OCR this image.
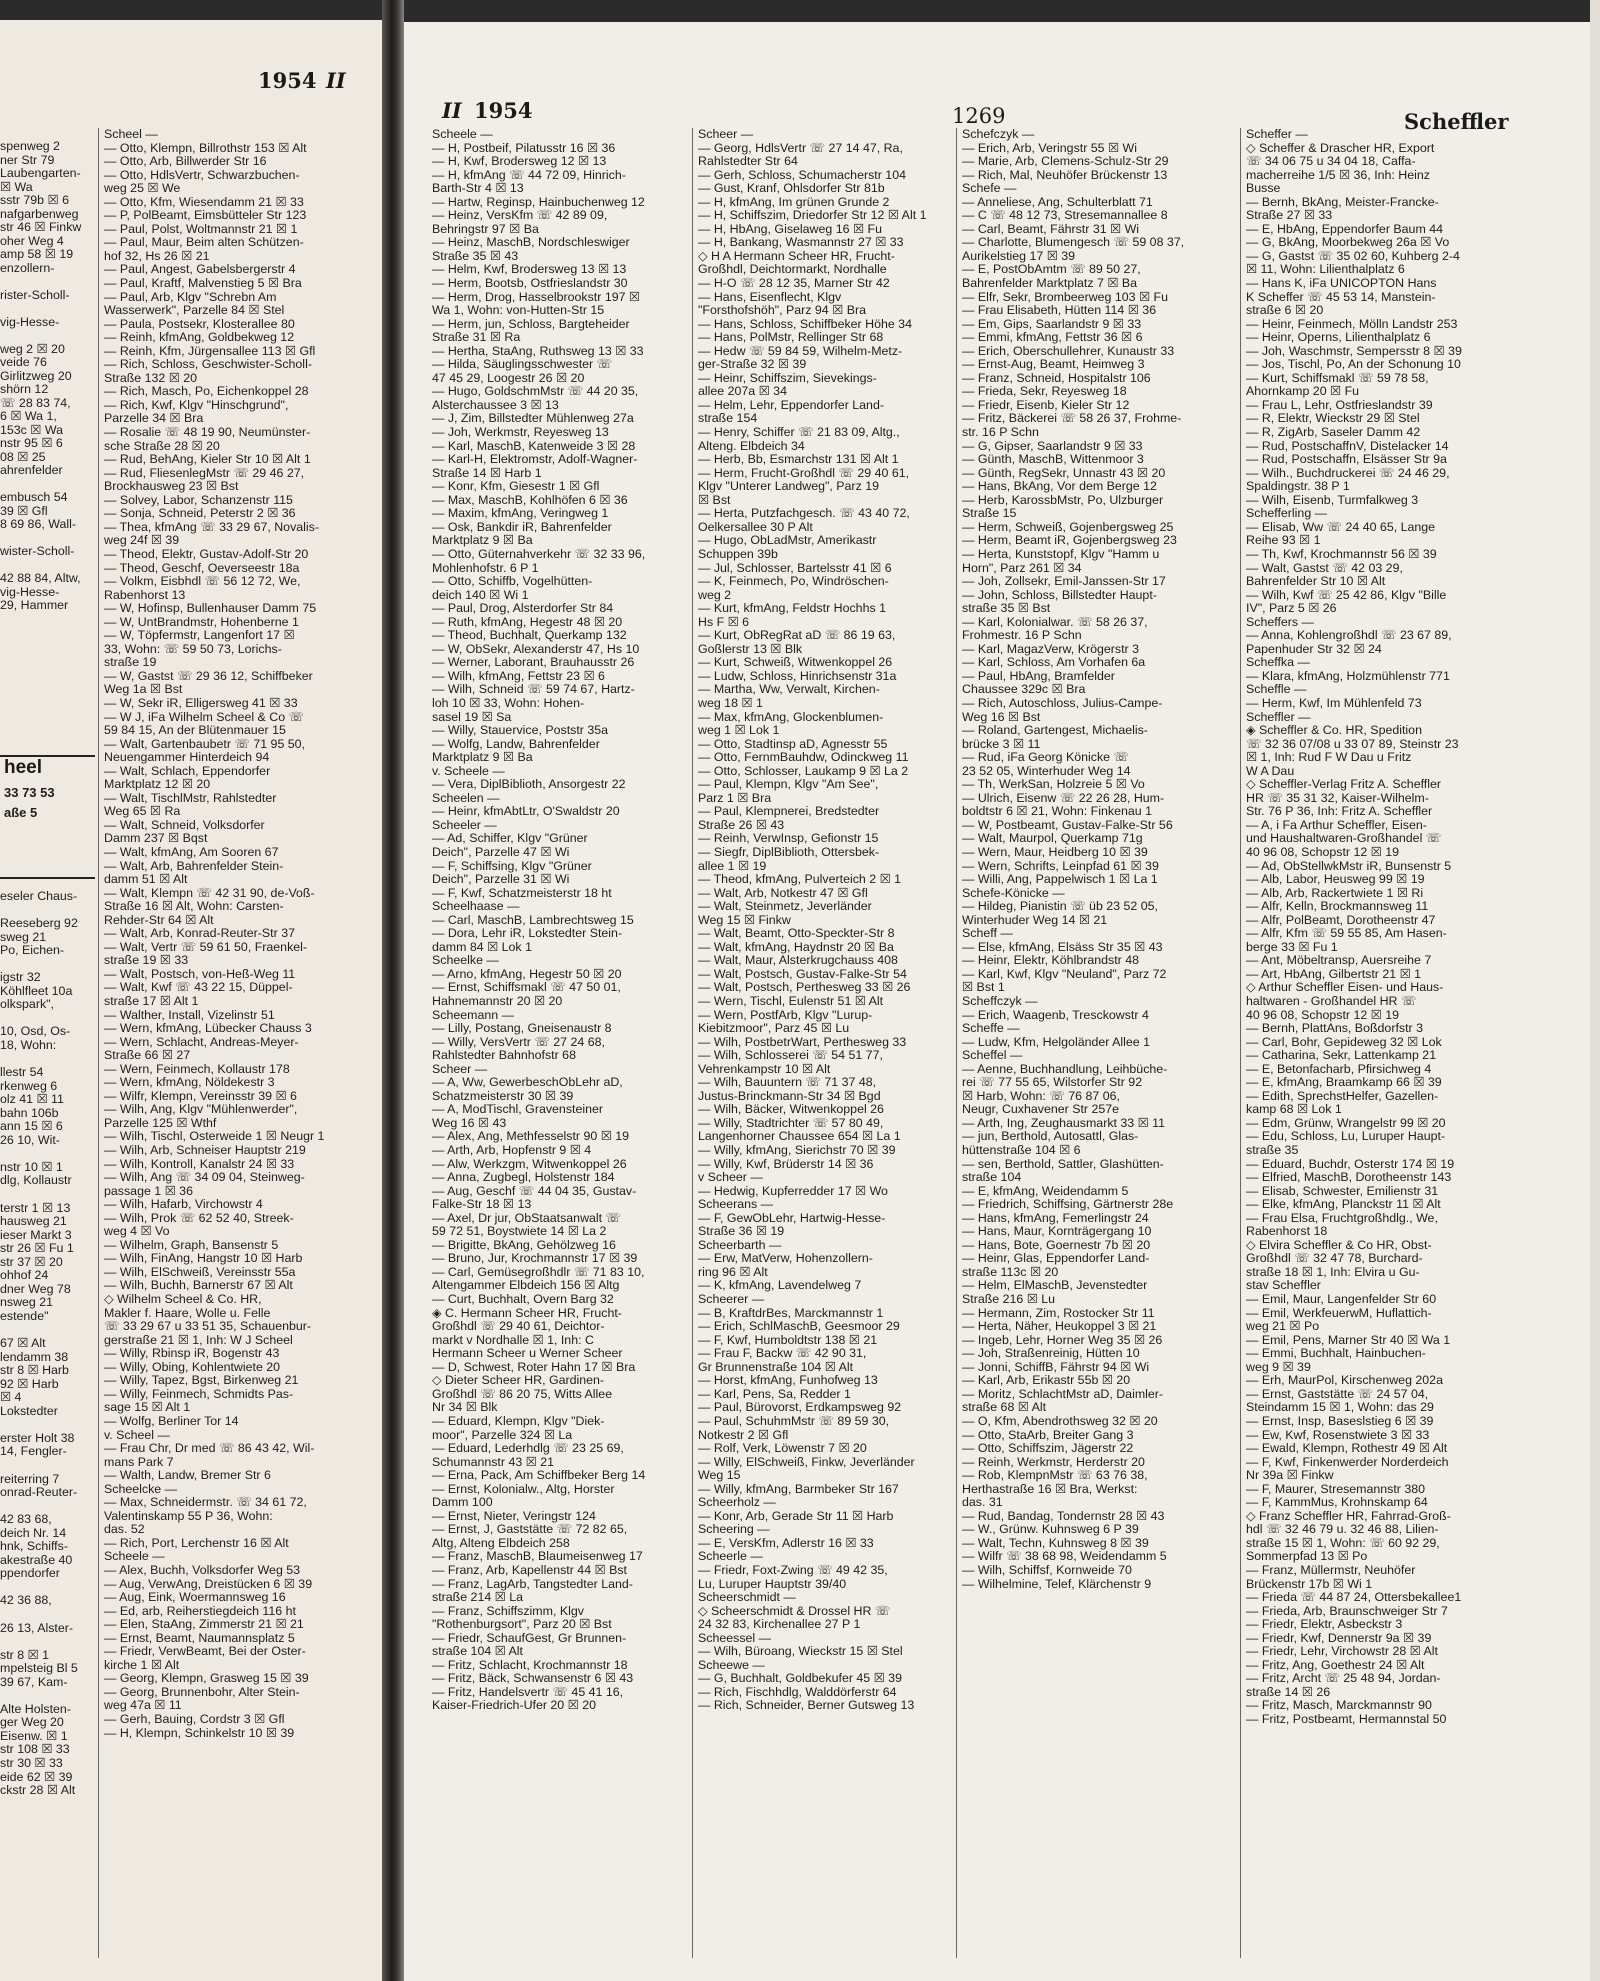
1954 II
spenweg 2
ner Str 79
Laubengarten-
☒ Wa
sstr 79b ☒ 6
nafgarbenweg
str 46 ☒ Finkw
oher Weg 4
amp 58 ☒ 19
enzollern-

rister-Scholl-

vig-Hesse-

weg 2 ☒ 20
veide 76
Girlitzweg 20
shörn 12
☏ 28 83 74,
6 ☒ Wa 1,
153c ☒ Wa
nstr 95 ☒ 6
08 ☒ 25
ahrenfelder

embusch 54
39 ☒ Gfl
8 69 86, Wall-

wister-Scholl-

42 88 84, Altw,
vig-Hesse-
29, Hammer
eseler Chaus-

Reeseberg 92
sweg 21
Po, Eichen-

igstr 32
Köhlfleet 10a
olkspark",

10, Osd, Os-
18, Wohn:

llestr 54
rkenweg 6
olz 41 ☒ 11
bahn 106b
ann 15 ☒ 6
26 10, Wit-

nstr 10 ☒ 1
dlg, Kollaustr

terstr 1 ☒ 13
hausweg 21
ieser Markt 3
str 26 ☒ Fu 1
str 37 ☒ 20
ohhof 24
dner Weg 78
nsweg 21
estende"

67 ☒ Alt
lendamm 38
str 8 ☒ Harb
92 ☒ Harb
☒ 4
Lokstedter

erster Holt 38
14, Fengler-

reiterring 7
onrad-Reuter-

42 83 68,
deich Nr. 14
hnk, Schiffs-
akestraße 40
ppendorfer

42 36 88,

26 13, Alster-

str 8 ☒ 1
mpelsteig Bl 5
39 67, Kam-

Alte Holsten-
ger Weg 20
Eisenw. ☒ 1
str 108 ☒ 33
str 30 ☒ 33
eide 62 ☒ 39
ckstr 28 ☒ Alt
heel
33 73 53
aße 5
Scheel —
— Otto, Klempn, Billrothstr 153 ☒ Alt
— Otto, Arb, Billwerder Str 16
— Otto, HdlsVertr, Schwarzbuchen-
weg 25 ☒ We
— Otto, Kfm, Wiesendamm 21 ☒ 33
— P, PolBeamt, Eimsbütteler Str 123
— Paul, Polst, Woltmannstr 21 ☒ 1
— Paul, Maur, Beim alten Schützen-
hof 32, Hs 26 ☒ 21
— Paul, Angest, Gabelsbergerstr 4
— Paul, Kraftf, Malvenstieg 5 ☒ Bra
— Paul, Arb, Klgv "Schrebn Am
Wasserwerk", Parzelle 84 ☒ Stel
— Paula, Postsekr, Klosterallee 80
— Reinh, kfmAng, Goldbekweg 12
— Reinh, Kfm, Jürgensallee 113 ☒ Gfl
— Rich, Schloss, Geschwister-Scholl-
Straße 132 ☒ 20
— Rich, Masch, Po, Eichenkoppel 28
— Rich, Kwf, Klgv "Hinschgrund",
Parzelle 34 ☒ Bra
— Rosalie ☏ 48 19 90, Neumünster-
sche Straße 28 ☒ 20
— Rud, BehAng, Kieler Str 10 ☒ Alt 1
— Rud, FliesenlegMstr ☏ 29 46 27,
Brockhausweg 23 ☒ Bst
— Solvey, Labor, Schanzenstr 115
— Sonja, Schneid, Peterstr 2 ☒ 36
— Thea, kfmAng ☏ 33 29 67, Novalis-
weg 24f ☒ 39
— Theod, Elektr, Gustav-Adolf-Str 20
— Theod, Geschf, Oeverseestr 18a
— Volkm, Eisbhdl ☏ 56 12 72, We,
Rabenhorst 13
— W, Hofinsp, Bullenhauser Damm 75
— W, UntBrandmstr, Hohenberne 1
— W, Töpfermstr, Langenfort 17 ☒
33, Wohn: ☏ 59 50 73, Lorichs-
straße 19
— W, Gastst ☏ 29 36 12, Schiffbeker
Weg 1a ☒ Bst
— W, Sekr iR, Elligersweg 41 ☒ 33
— W J, iFa Wilhelm Scheel & Co ☏
59 84 15, An der Blütenmauer 15
— Walt, Gartenbaubetr ☏ 71 95 50,
Neuengammer Hinterdeich 94
— Walt, Schlach, Eppendorfer
Marktplatz 12 ☒ 20
— Walt, TischlMstr, Rahlstedter
Weg 65 ☒ Ra
— Walt, Schneid, Volksdorfer
Damm 237 ☒ Bqst
— Walt, kfmAng, Am Sooren 67
— Walt, Arb, Bahrenfelder Stein-
damm 51 ☒ Alt
— Walt, Klempn ☏ 42 31 90, de-Voß-
Straße 16 ☒ Alt, Wohn: Carsten-
Rehder-Str 64 ☒ Alt
— Walt, Arb, Konrad-Reuter-Str 37
— Walt, Vertr ☏ 59 61 50, Fraenkel-
straße 19 ☒ 33
— Walt, Postsch, von-Heß-Weg 11
— Walt, Kwf ☏ 43 22 15, Düppel-
straße 17 ☒ Alt 1
— Walther, Install, Vizelinstr 51
— Wern, kfmAng, Lübecker Chauss 3
— Wern, Schlacht, Andreas-Meyer-
Straße 66 ☒ 27
— Wern, Feinmech, Kollaustr 178
— Wern, kfmAng, Nöldekestr 3
— Wilfr, Klempn, Vereinsstr 39 ☒ 6
— Wilh, Ang, Klgv "Mühlenwerder",
Parzelle 125 ☒ Wthf
— Wilh, Tischl, Osterweide 1 ☒ Neugr 1
— Wilh, Arb, Schneiser Hauptstr 219
— Wilh, Kontroll, Kanalstr 24 ☒ 33
— Wilh, Ang ☏ 34 09 04, Steinweg-
passage 1 ☒ 36
— Wilh, Hafarb, Virchowstr 4
— Wilh, Prok ☏ 62 52 40, Streek-
weg 4 ☒ Vo
— Wilhelm, Graph, Bansenstr 5
— Wilh, FinAng, Hangstr 10 ☒ Harb
— Wilh, ElSchweiß, Vereinsstr 55a
— Wilh, Buchh, Barnerstr 67 ☒ Alt
◇ Wilhelm Scheel & Co. HR,
Makler f. Haare, Wolle u. Felle
☏ 33 29 67 u 33 51 35, Schauenbur-
gerstraße 21 ☒ 1, Inh: W J Scheel
— Willy, Rbinsp iR, Bogenstr 43
— Willy, Obing, Kohlentwiete 20
— Willy, Tapez, Bgst, Birkenweg 21
— Willy, Feinmech, Schmidts Pas-
sage 15 ☒ Alt 1
— Wolfg, Berliner Tor 14
v. Scheel —
— Frau Chr, Dr med ☏ 86 43 42, Wil-
mans Park 7
— Walth, Landw, Bremer Str 6
Scheelcke —
— Max, Schneidermstr. ☏ 34 61 72,
Valentinskamp 55 P 36, Wohn:
das. 52
— Rich, Port, Lerchenstr 16 ☒ Alt
Scheele —
— Alex, Buchh, Volksdorfer Weg 53
— Aug, VerwAng, Dreistücken 6 ☒ 39
— Aug, Eink, Woermannsweg 16
— Ed, arb, Reiherstiegdeich 116 ht
— Elen, StaAng, Zimmerstr 21 ☒ 21
— Ernst, Beamt, Naumannsplatz 5
— Friedr, VerwBeamt, Bei der Oster-
kirche 1 ☒ Alt
— Georg, Klempn, Grasweg 15 ☒ 39
— Georg, Brunnenbohr, Alter Stein-
weg 47a ☒ 11
— Gerh, Bauing, Cordstr 3 ☒ Gfl
— H, Klempn, Schinkelstr 10 ☒ 39
II 1954	1269	Scheffler
Scheele —
— H, Postbeif, Pilatusstr 16 ☒ 36
— H, Kwf, Brodersweg 12 ☒ 13
— H, kfmAng ☏ 44 72 09, Hinrich-
Barth-Str 4 ☒ 13
— Hartw, Reginsp, Hainbuchenweg 12
— Heinz, VersKfm ☏ 42 89 09,
Behringstr 97 ☒ Ba
— Heinz, MaschB, Nordschleswiger
Straße 35 ☒ 43
— Helm, Kwf, Brodersweg 13 ☒ 13
— Herm, Bootsb, Ostfrieslandstr 30
— Herm, Drog, Hasselbrookstr 197 ☒
Wa 1, Wohn: von-Hutten-Str 15
— Herm, jun, Schloss, Bargteheider
Straße 31 ☒ Ra
— Hertha, StaAng, Ruthsweg 13 ☒ 33
— Hilda, Säuglingsschwester ☏
47 45 29, Loogestr 26 ☒ 20
— Hugo, GoldschmMstr ☏ 44 20 35,
Alsterchaussee 3 ☒ 13
— J, Zim, Billstedter Mühlenweg 27a
— Joh, Werkmstr, Reyesweg 13
— Karl, MaschB, Katenweide 3 ☒ 28
— Karl-H, Elektromstr, Adolf-Wagner-
Straße 14 ☒ Harb 1
— Konr, Kfm, Giesestr 1 ☒ Gfl
— Max, MaschB, Kohlhöfen 6 ☒ 36
— Maxim, kfmAng, Veringweg 1
— Osk, Bankdir iR, Bahrenfelder
Marktplatz 9 ☒ Ba
— Otto, Güternahverkehr ☏ 32 33 96,
Mohlenhofstr. 6 P 1
— Otto, Schiffb, Vogelhütten-
deich 140 ☒ Wi 1
— Paul, Drog, Alsterdorfer Str 84
— Ruth, kfmAng, Hegestr 48 ☒ 20
— Theod, Buchhalt, Querkamp 132
— W, ObSekr, Alexanderstr 47, Hs 10
— Werner, Laborant, Brauhausstr 26
— Wilh, kfmAng, Fettstr 23 ☒ 6
— Wilh, Schneid ☏ 59 74 67, Hartz-
loh 10 ☒ 33, Wohn: Hohen-
sasel 19 ☒ Sa
— Willy, Stauervice, Poststr 35a
— Wolfg, Landw, Bahrenfelder
Marktplatz 9 ☒ Ba
v. Scheele —
— Vera, DiplBiblioth, Ansorgestr 22
Scheelen —
— Heinr, kfmAbtLtr, O'Swaldstr 20
Scheeler —
— Ad, Schiffer, Klgv "Grüner
Deich", Parzelle 47 ☒ Wi
— F, Schiffsing, Klgv "Grüner
Deich", Parzelle 31 ☒ Wi
— F, Kwf, Schatzmeisterstr 18 ht
Scheelhaase —
— Carl, MaschB, Lambrechtsweg 15
— Dora, Lehr iR, Lokstedter Stein-
damm 84 ☒ Lok 1
Scheelke —
— Arno, kfmAng, Hegestr 50 ☒ 20
— Ernst, Schiffsmakl ☏ 47 50 01,
Hahnemannstr 20 ☒ 20
Scheemann —
— Lilly, Postang, Gneisenaustr 8
— Willy, VersVertr ☏ 27 24 68,
Rahlstedter Bahnhofstr 68
Scheer —
— A, Ww, GewerbeschObLehr aD,
Schatzmeisterstr 30 ☒ 39
— A, ModTischl, Gravensteiner
Weg 16 ☒ 43
— Alex, Ang, Methfesselstr 90 ☒ 19
— Arth, Arb, Hopfenstr 9 ☒ 4
— Alw, Werkzgm, Witwenkoppel 26
— Anna, Zugbegl, Holstenstr 184
— Aug, Geschf ☏ 44 04 35, Gustav-
Falke-Str 18 ☒ 13
— Axel, Dr jur, ObStaatsanwalt ☏
59 72 51, Boystwiete 14 ☒ La 2
— Brigitte, BkAng, Gehölzweg 16
— Bruno, Jur, Krochmannstr 17 ☒ 39
— Carl, Gemüsegroßhdlr ☏ 71 83 10,
Altengammer Elbdeich 156 ☒ Altg
— Curt, Buchhalt, Overn Barg 32
◈ C. Hermann Scheer HR, Frucht-
Großhdl ☏ 29 40 61, Deichtor-
markt v Nordhalle ☒ 1, Inh: C
Hermann Scheer u Werner Scheer
— D, Schwest, Roter Hahn 17 ☒ Bra
◇ Dieter Scheer HR, Gardinen-
Großhdl ☏ 86 20 75, Witts Allee
Nr 34 ☒ Blk
— Eduard, Klempn, Klgv "Diek-
moor", Parzelle 324 ☒ La
— Eduard, Lederhdlg ☏ 23 25 69,
Schumannstr 43 ☒ 21
— Erna, Pack, Am Schiffbeker Berg 14
— Ernst, Kolonialw., Altg, Horster
Damm 100
— Ernst, Nieter, Veringstr 124
— Ernst, J, Gaststätte ☏ 72 82 65,
Altg, Alteng Elbdeich 258
— Franz, MaschB, Blaumeisenweg 17
— Franz, Arb, Kapellenstr 44 ☒ Bst
— Franz, LagArb, Tangstedter Land-
straße 214 ☒ La
— Franz, Schiffszimm, Klgv
"Rothenburgsort", Parz 20 ☒ Bst
— Friedr, SchaufGest, Gr Brunnen-
straße 104 ☒ Alt
— Fritz, Schlacht, Krochmannstr 18
— Fritz, Bäck, Schwansenstr 6 ☒ 43
— Fritz, Handelsvertr ☏ 45 41 16,
Kaiser-Friedrich-Ufer 20 ☒ 20
Scheer —
— Georg, HdlsVertr ☏ 27 14 47, Ra,
Rahlstedter Str 64
— Gerh, Schloss, Schumacherstr 104
— Gust, Kranf, Ohlsdorfer Str 81b
— H, kfmAng, Im grünen Grunde 2
— H, Schiffszim, Driedorfer Str 12 ☒ Alt 1
— H, HbAng, Giselaweg 16 ☒ Fu
— H, Bankang, Wasmannstr 27 ☒ 33
◇ H A Hermann Scheer HR, Frucht-
Großhdl, Deichtormarkt, Nordhalle
— H-O ☏ 28 12 35, Marner Str 42
— Hans, Eisenflecht, Klgv
"Forsthofshöh", Parz 94 ☒ Bra
— Hans, Schloss, Schiffbeker Höhe 34
— Hans, PolMstr, Rellinger Str 68
— Hedw ☏ 59 84 59, Wilhelm-Metz-
ger-Straße 32 ☒ 39
— Heinr, Schiffszim, Sievekings-
allee 207a ☒ 34
— Helm, Lehr, Eppendorfer Land-
straße 154
— Henry, Schiffer ☏ 21 83 09, Altg.,
Alteng. Elbdeich 34
— Herb, Bb, Esmarchstr 131 ☒ Alt 1
— Herm, Frucht-Großhdl ☏ 29 40 61,
Klgv "Unterer Landweg", Parz 19
☒ Bst
— Herta, Putzfachgesch. ☏ 43 40 72,
Oelkersallee 30 P Alt
— Hugo, ObLadMstr, Amerikastr
Schuppen 39b
— Jul, Schlosser, Bartelsstr 41 ☒ 6
— K, Feinmech, Po, Windröschen-
weg 2
— Kurt, kfmAng, Feldstr Hochhs 1
Hs F ☒ 6
— Kurt, ObRegRat aD ☏ 86 19 63,
Goßlerstr 13 ☒ Blk
— Kurt, Schweiß, Witwenkoppel 26
— Ludw, Schloss, Hinrichsenstr 31a
— Martha, Ww, Verwalt, Kirchen-
weg 18 ☒ 1
— Max, kfmAng, Glockenblumen-
weg 1 ☒ Lok 1
— Otto, Stadtinsp aD, Agnesstr 55
— Otto, FernmBauhdw, Odinckweg 11
— Otto, Schlosser, Laukamp 9 ☒ La 2
— Paul, Klempn, Klgv "Am See",
Parz 1 ☒ Bra
— Paul, Klempnerei, Bredstedter
Straße 26 ☒ 43
— Reinh, VerwInsp, Gefionstr 15
— Siegfr, DiplBiblioth, Ottersbek-
allee 1 ☒ 19
— Theod, kfmAng, Pulverteich 2 ☒ 1
— Walt, Arb, Notkestr 47 ☒ Gfl
— Walt, Steinmetz, Jeverländer
Weg 15 ☒ Finkw
— Walt, Beamt, Otto-Speckter-Str 8
— Walt, kfmAng, Haydnstr 20 ☒ Ba
— Walt, Maur, Alsterkrugchauss 408
— Walt, Postsch, Gustav-Falke-Str 54
— Walt, Postsch, Perthesweg 33 ☒ 26
— Wern, Tischl, Eulenstr 51 ☒ Alt
— Wern, PostfArb, Klgv "Lurup-
Kiebitzmoor", Parz 45 ☒ Lu
— Wilh, PostbetrWart, Perthesweg 33
— Wilh, Schlosserei ☏ 54 51 77,
Vehrenkampstr 10 ☒ Alt
— Wilh, Bauuntern ☏ 71 37 48,
Justus-Brinckmann-Str 34 ☒ Bgd
— Wilh, Bäcker, Witwenkoppel 26
— Willy, Stadtrichter ☏ 57 80 49,
Langenhorner Chaussee 654 ☒ La 1
— Willy, kfmAng, Sierichstr 70 ☒ 39
— Willy, Kwf, Brüderstr 14 ☒ 36
v Scheer —
— Hedwig, Kupferredder 17 ☒ Wo
Scheerans —
— F, GewObLehr, Hartwig-Hesse-
Straße 36 ☒ 19
Scheerbarth —
— Erw, MatVerw, Hohenzollern-
ring 96 ☒ Alt
— K, kfmAng, Lavendelweg 7
Scheerer —
— B, KraftdrBes, Marckmannstr 1
— Erich, SchlMaschB, Geesmoor 29
— F, Kwf, Humboldtstr 138 ☒ 21
— Frau F, Backw ☏ 42 90 31,
Gr Brunnenstraße 104 ☒ Alt
— Horst, kfmAng, Funhofweg 13
— Karl, Pens, Sa, Redder 1
— Paul, Bürovorst, Erdkampsweg 92
— Paul, SchuhmMstr ☏ 89 59 30,
Notkestr 2 ☒ Gfl
— Rolf, Verk, Löwenstr 7 ☒ 20
— Willy, ElSchweiß, Finkw, Jeverländer
Weg 15
— Willy, kfmAng, Barmbeker Str 167
Scheerholz —
— Konr, Arb, Gerade Str 11 ☒ Harb
Scheering —
— E, VersKfm, Adlerstr 16 ☒ 33
Scheerle —
— Friedr, Foxt-Zwing ☏ 49 42 35,
Lu, Luruper Hauptstr 39/40
Scheerschmidt —
◇ Scheerschmidt & Drossel HR ☏
24 32 83, Kirchenallee 27 P 1
Scheessel —
— Wilh, Büroang, Wieckstr 15 ☒ Stel
Scheewe —
— G, Buchhalt, Goldbekufer 45 ☒ 39
— Rich, Fischhdlg, Walddörferstr 64
— Rich, Schneider, Berner Gutsweg 13
Schefczyk —
— Erich, Arb, Veringstr 55 ☒ Wi
— Marie, Arb, Clemens-Schulz-Str 29
— Rich, Mal, Neuhöfer Brückenstr 13
Schefe —
— Anneliese, Ang, Schulterblatt 71
— C ☏ 48 12 73, Stresemannallee 8
— Carl, Beamt, Fährstr 31 ☒ Wi
— Charlotte, Blumengesch ☏ 59 08 37,
Aurikelstieg 17 ☒ 39
— E, PostObAmtm ☏ 89 50 27,
Bahrenfelder Marktplatz 7 ☒ Ba
— Elfr, Sekr, Brombeerweg 103 ☒ Fu
— Frau Elisabeth, Hütten 114 ☒ 36
— Em, Gips, Saarlandstr 9 ☒ 33
— Emmi, kfmAng, Fettstr 36 ☒ 6
— Erich, Oberschullehrer, Kunaustr 33
— Ernst-Aug, Beamt, Heimweg 3
— Franz, Schneid, Hospitalstr 106
— Frieda, Sekr, Reyesweg 18
— Friedr, Eisenb, Kieler Str 12
— Fritz, Bäckerei ☏ 58 26 37, Frohme-
str. 16 P Schn
— G, Gipser, Saarlandstr 9 ☒ 33
— Günth, MaschB, Wittenmoor 3
— Günth, RegSekr, Unnastr 43 ☒ 20
— Hans, BkAng, Vor dem Berge 12
— Herb, KarossbMstr, Po, Ulzburger
Straße 15
— Herm, Schweiß, Gojenbergsweg 25
— Herm, Beamt iR, Gojenbergsweg 23
— Herta, Kunststopf, Klgv "Hamm u
Horn", Parz 261 ☒ 34
— Joh, Zollsekr, Emil-Janssen-Str 17
— John, Schloss, Billstedter Haupt-
straße 35 ☒ Bst
— Karl, Kolonialwar. ☏ 58 26 37,
Frohmestr. 16 P Schn
— Karl, MagazVerw, Krögerstr 3
— Karl, Schloss, Am Vorhafen 6a
— Paul, HbAng, Bramfelder
Chaussee 329c ☒ Bra
— Rich, Autoschloss, Julius-Campe-
Weg 16 ☒ Bst
— Roland, Gartengest, Michaelis-
brücke 3 ☒ 11
— Rud, iFa Georg Könicke ☏
23 52 05, Winterhuder Weg 14
— Th, WerkSan, Holzreie 5 ☒ Vo
— Ulrich, Eisenw ☏ 22 26 28, Hum-
boldtstr 6 ☒ 21, Wohn: Finkenau 1
— W, Postbeamt, Gustav-Falke-Str 56
— Walt, Maurpol, Querkamp 71g
— Wern, Maur, Heidberg 10 ☒ 39
— Wern, Schrifts, Leinpfad 61 ☒ 39
— Willi, Ang, Pappelwisch 1 ☒ La 1
Schefe-Könicke —
— Hildeg, Pianistin ☏ üb 23 52 05,
Winterhuder Weg 14 ☒ 21
Scheff —
— Else, kfmAng, Elsäss Str 35 ☒ 43
— Heinr, Elektr, Köhlbrandstr 48
— Karl, Kwf, Klgv "Neuland", Parz 72
☒ Bst 1
Scheffczyk —
— Erich, Waagenb, Tresckowstr 4
Scheffe —
— Ludw, Kfm, Helgoländer Allee 1
Scheffel —
— Aenne, Buchhandlung, Leihbüche-
rei ☏ 77 55 65, Wilstorfer Str 92
☒ Harb, Wohn: ☏ 76 87 06,
Neugr, Cuxhavener Str 257e
— Arth, Ing, Zeughausmarkt 33 ☒ 11
— jun, Berthold, Autosattl, Glas-
hüttenstraße 104 ☒ 6
— sen, Berthold, Sattler, Glashütten-
straße 104
— E, kfmAng, Weidendamm 5
— Friedrich, Schiffsing, Gärtnerstr 28e
— Hans, kfmAng, Femerlingstr 24
— Hans, Maur, Kornträgergang 10
— Hans, Bote, Goernestr 7b ☒ 20
— Heinr, Glas, Eppendorfer Land-
straße 113c ☒ 20
— Helm, ElMaschB, Jevenstedter
Straße 216 ☒ Lu
— Hermann, Zim, Rostocker Str 11
— Herta, Näher, Heukoppel 3 ☒ 21
— Ingeb, Lehr, Horner Weg 35 ☒ 26
— Joh, Straßenreinig, Hütten 10
— Jonni, SchiffB, Fährstr 94 ☒ Wi
— Karl, Arb, Erikastr 55b ☒ 20
— Moritz, SchlachtMstr aD, Daimler-
straße 68 ☒ Alt
— O, Kfm, Abendrothsweg 32 ☒ 20
— Otto, StaArb, Breiter Gang 3
— Otto, Schiffszim, Jägerstr 22
— Reinh, Werkmstr, Herderstr 20
— Rob, KlempnMstr ☏ 63 76 38,
Herthastraße 16 ☒ Bra, Werkst:
das. 31
— Rud, Bandag, Tondernstr 28 ☒ 43
— W., Grünw. Kuhnsweg 6 P 39
— Walt, Techn, Kuhnsweg 8 ☒ 39
— Wilfr ☏ 38 68 98, Weidendamm 5
— Wilh, Schiffsf, Kornweide 70
— Wilhelmine, Telef, Klärchenstr 9
Scheffer —
◇ Scheffer & Drascher HR, Export
☏ 34 06 75 u 34 04 18, Caffa-
macherreihe 1/5 ☒ 36, Inh: Heinz
Busse
— Bernh, BkAng, Meister-Francke-
Straße 27 ☒ 33
— E, HbAng, Eppendorfer Baum 44
— G, BkAng, Moorbekweg 26a ☒ Vo
— G, Gastst ☏ 35 02 60, Kuhberg 2-4
☒ 11, Wohn: Lilienthalplatz 6
— Hans K, iFa UNICOPTON Hans
K Scheffer ☏ 45 53 14, Manstein-
straße 6 ☒ 20
— Heinr, Feinmech, Mölln Landstr 253
— Heinr, Operns, Lilienthalplatz 6
— Joh, Waschmstr, Sempersstr 8 ☒ 39
— Jos, Tischl, Po, An der Schonung 10
— Kurt, Schiffsmakl ☏ 59 78 58,
Ahornkamp 20 ☒ Fu
— Frau L, Lehr, Ostfrieslandstr 39
— R, Elektr, Wieckstr 29 ☒ Stel
— R, ZigArb, Saseler Damm 42
— Rud, PostschaffnV, Distelacker 14
— Rud, Postschaffn, Elsässer Str 9a
— Wilh., Buchdruckerei ☏ 24 46 29,
Spaldingstr. 38 P 1
— Wilh, Eisenb, Turmfalkweg 3
Schefferling —
— Elisab, Ww ☏ 24 40 65, Lange
Reihe 93 ☒ 1
— Th, Kwf, Krochmannstr 56 ☒ 39
— Walt, Gastst ☏ 42 03 29,
Bahrenfelder Str 10 ☒ Alt
— Wilh, Kwf ☏ 25 42 86, Klgv "Bille
IV", Parz 5 ☒ 26
Scheffers —
— Anna, Kohlengroßhdl ☏ 23 67 89,
Papenhuder Str 32 ☒ 24
Scheffka —
— Klara, kfmAng, Holzmühlenstr 771
Scheffle —
— Herm, Kwf, Im Mühlenfeld 73
Scheffler —
◈ Scheffler & Co. HR, Spedition
☏ 32 36 07/08 u 33 07 89, Steinstr 23
☒ 1, Inh: Rud F W Dau u Fritz
W A Dau
◇ Scheffler-Verlag Fritz A. Scheffler
HR ☏ 35 31 32, Kaiser-Wilhelm-
Str. 76 P 36, Inh: Fritz A. Scheffler
— A, i Fa Arthur Scheffler, Eisen-
und Haushaltwaren-Großhandel ☏
40 96 08, Schopstr 12 ☒ 19
— Ad, ObStellwkMstr iR, Bunsenstr 5
— Alb, Labor, Heusweg 99 ☒ 19
— Alb, Arb, Rackertwiete 1 ☒ Ri
— Alfr, Kelln, Brockmannsweg 11
— Alfr, PolBeamt, Dorotheenstr 47
— Alfr, Kfm ☏ 59 55 85, Am Hasen-
berge 33 ☒ Fu 1
— Ant, Möbeltransp, Auersreihe 7
— Art, HbAng, Gilbertstr 21 ☒ 1
◇ Arthur Scheffler Eisen- und Haus-
haltwaren - Großhandel HR ☏
40 96 08, Schopstr 12 ☒ 19
— Bernh, PlattAns, Boßdorfstr 3
— Carl, Bohr, Gepideweg 32 ☒ Lok
— Catharina, Sekr, Lattenkamp 21
— E, Betonfacharb, Pfirsichweg 4
— E, kfmAng, Braamkamp 66 ☒ 39
— Edith, SprechstHelfer, Gazellen-
kamp 68 ☒ Lok 1
— Edm, Grünw, Wrangelstr 99 ☒ 20
— Edu, Schloss, Lu, Luruper Haupt-
straße 35
— Eduard, Buchdr, Osterstr 174 ☒ 19
— Elfried, MaschB, Dorotheenstr 143
— Elisab, Schwester, Emilienstr 31
— Elke, kfmAng, Planckstr 11 ☒ Alt
— Frau Elsa, Fruchtgroßhdlg., We,
Rabenhorst 18
◇ Elvira Scheffler & Co HR, Obst-
Großhdl ☏ 32 47 78, Burchard-
straße 18 ☒ 1, Inh: Elvira u Gu-
stav Scheffler
— Emil, Maur, Langenfelder Str 60
— Emil, WerkfeuerwM, Huflattich-
weg 21 ☒ Po
— Emil, Pens, Marner Str 40 ☒ Wa 1
— Emmi, Buchhalt, Hainbuchen-
weg 9 ☒ 39
— Erh, MaurPol, Kirschenweg 202a
— Ernst, Gaststätte ☏ 24 57 04,
Steindamm 15 ☒ 1, Wohn: das 29
— Ernst, Insp, Baseslstieg 6 ☒ 39
— Ew, Kwf, Rosenstwiete 3 ☒ 33
— Ewald, Klempn, Rothestr 49 ☒ Alt
— F, Kwf, Finkenwerder Norderdeich
Nr 39a ☒ Finkw
— F, Maurer, Stresemannstr 380
— F, KammMus, Krohnskamp 64
◇ Franz Scheffler HR, Fahrrad-Groß-
hdl ☏ 32 46 79 u. 32 46 88, Lilien-
straße 15 ☒ 1, Wohn: ☏ 60 92 29,
Sommerpfad 13 ☒ Po
— Franz, Müllermstr, Neuhöfer
Brückenstr 17b ☒ Wi 1
— Frieda ☏ 44 87 24, Ottersbekallee1
— Frieda, Arb, Braunschweiger Str 7
— Friedr, Elektr, Asbeckstr 3
— Friedr, Kwf, Dennerstr 9a ☒ 39
— Friedr, Lehr, Virchowstr 28 ☒ Alt
— Fritz, Ang, Goethestr 24 ☒ Alt
— Fritz, Archt ☏ 25 48 94, Jordan-
straße 14 ☒ 26
— Fritz, Masch, Marckmannstr 90
— Fritz, Postbeamt, Hermannstal 50
